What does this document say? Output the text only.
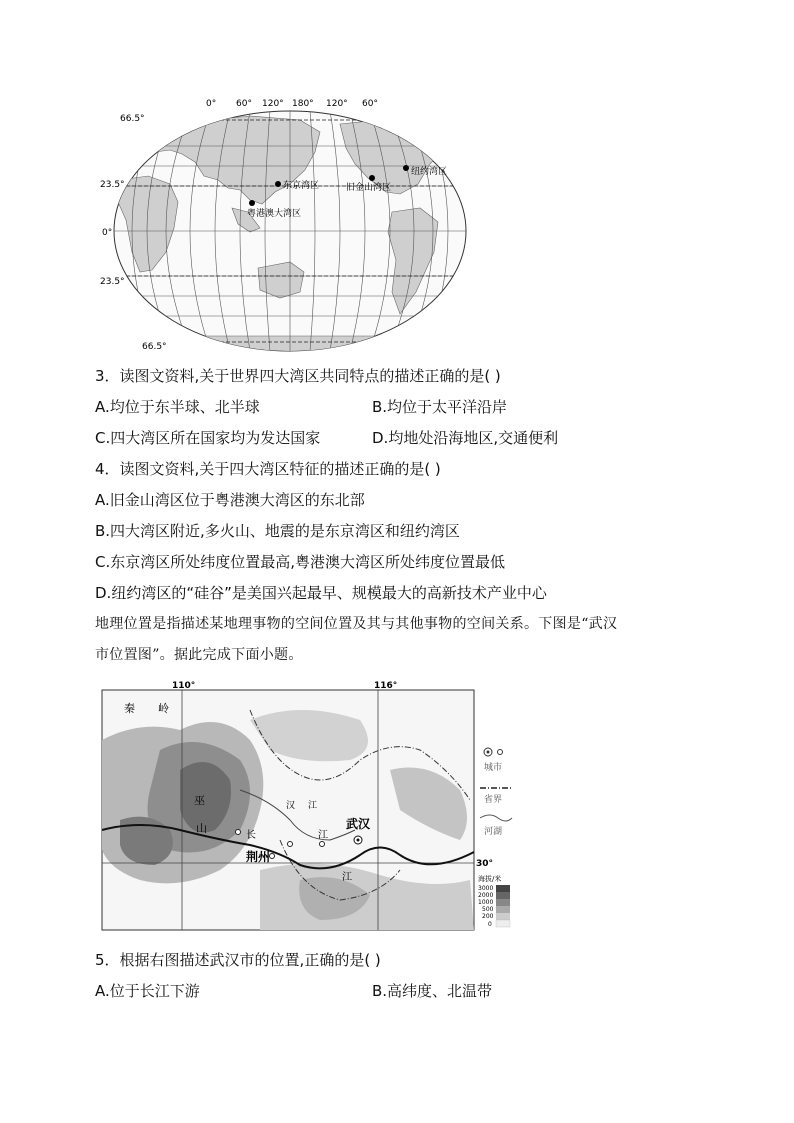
0° 60° 120° 180° 120° 60°
66.5°
23.5°
0°
23.5°
66.5°
纽约湾区
东京湾区	旧金山湾区
粤港澳大湾区
3．读图文资料,关于世界四大湾区共同特点的描述正确的是( )
A.均位于东半球、北半球	B.均位于太平洋沿岸
C.四大湾区所在国家均为发达国家	D.均地处沿海地区,交通便利
4．读图文资料,关于四大湾区特征的描述正确的是( )
A.旧金山湾区位于粤港澳大湾区的东北部
B.四大湾区附近,多火山、地震的是东京湾区和纽约湾区
C.东京湾区所处纬度位置最高,粤港澳大湾区所处纬度位置最低
D.纽约湾区的“硅谷”是美国兴起最早、规模最大的高新技术产业中心
地理位置是指描述某地理事物的空间位置及其与其他事物的空间关系。下图是“武汉
市位置图”。据此完成下面小题。
110°	116°
30°
秦 岭
巫
山
长	江
江
汉 江
武汉
荆州
城市
省界
河湖
海拔/米
3000
2000
1000
500
200
0
5．根据右图描述武汉市的位置,正确的是( )
A.位于长江下游	B.高纬度、北温带
